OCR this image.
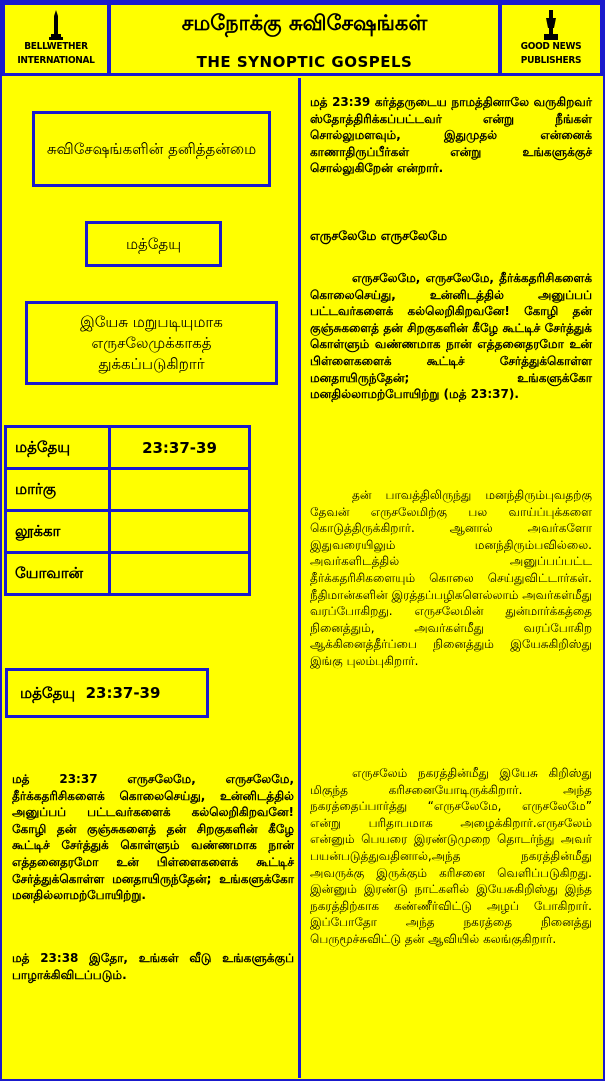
BELLWETHER
INTERNATIONAL
சமநோக்கு சுவிசேஷங்கள்
THE SYNOPTIC GOSPELS
GOOD NEWS
PUBLISHERS
சுவிசேஷங்களின் தனித்தன்மை
மத்தேயு
இயேசு மறுபடியுமாக எருசலேமுக்காகத் துக்கப்படுகிறார்
மத்தேயு	23:37-39
மார்கு	
லூக்கா	
யோவான்	
மத்தேயு  23:37-39

மத் 23:37 எருசலேமே, எருசலேமே, தீர்க்கதரிசிகளைக் கொலைசெய்து, உன்னிடத்தில் அனுப்பப் பட்டவர்களைக் கல்லெறிகிறவனே! கோழி தன் குஞ்சுகளைத் தன் சிறகுகளின் கீழே கூட்டிச் சேர்த்துக் கொள்ளும் வண்ணமாக நான் எத்தனைதரமோ உன் பிள்ளைகளைக் கூட்டிச் சேர்த்துக்கொள்ள மனதாயிருந்தேன்; உங்களுக்கோ மனதில்லாமற்போயிற்று.

மத் 23:38 இதோ, உங்கள் வீடு உங்களுக்குப் பாழாக்கிவிடப்படும்.

மத் 23:39 கர்த்தருடைய நாமத்தினாலே வருகிறவர் ஸ்தோத்திரிக்கப்பட்டவர் என்று நீங்கள் சொல்லுமளவும், இதுமுதல் என்னைக் காணாதிருப்பீர்கள் என்று உங்களுக்குச் சொல்லுகிறேன் என்றார்.

எருசலேமே எருசலேமே

எருசலேமே, எருசலேமே, தீர்க்கதரிசிகளைக் கொலைசெய்து, உன்னிடத்தில் அனுப்பப் பட்டவர்களைக் கல்லெறிகிறவனே! கோழி தன் குஞ்சுகளைத் தன் சிறகுகளின் கீழே கூட்டிச் சேர்த்துக் கொள்ளும் வண்ணமாக நான் எத்தனைதரமோ உன் பிள்ளைகளைக் கூட்டிச் சேர்த்துக்கொள்ள மனதாயிருந்தேன்; உங்களுக்கோ மனதில்லாமற்போயிற்று (மத் 23:37).

தன் பாவத்திலிருந்து மனந்திரும்புவதற்கு தேவன் எருசலேமிற்கு பல வாய்ப்புக்களை கொடுத்திருக்கிறார். ஆனால் அவர்களோ இதுவரையிலும் மனந்திரும்பவில்லை. அவர்களிடத்தில் அனுப்பப்பட்ட தீர்க்கதரிசிகளையும் கொலை செய்துவிட்டார்கள். நீதிமான்களின் இரத்தப்பழிகளெல்லாம் அவர்கள்மீது வரப்போகிறது. எருசலேமின் துன்மார்க்கத்தை நினைத்தும், அவர்கள்மீது வரப்போகிற ஆக்கினைத்தீர்ப்பை நினைத்தும் இயேசுகிறிஸ்து இங்கு புலம்புகிறார்.

எருசலேம் நகரத்தின்மீது இயேசு கிறிஸ்து மிகுந்த கரிசனையோடிருக்கிறார். அந்த நகரத்தைப்பார்த்து “எருசலேமே, எருசலேமே” என்று பரிதாபமாக அழைக்கிறார்.எருசலேம் என்னும் பெயரை இரண்டுமுறை தொடர்ந்து அவர் பயன்படுத்துவதினால்,அந்த நகரத்தின்மீது அவருக்கு இருக்கும் கரிசனை வெளிப்படுகிறது. இன்னும் இரண்டு நாட்களில் இயேசுகிறிஸ்து இந்த நகரத்திற்காக கண்ணீர்விட்டு அழப் போகிறார். இப்போதோ அந்த நகரத்தை நினைத்து பெருமூச்சுவிட்டு தன் ஆவியில் கலங்குகிறார்.
